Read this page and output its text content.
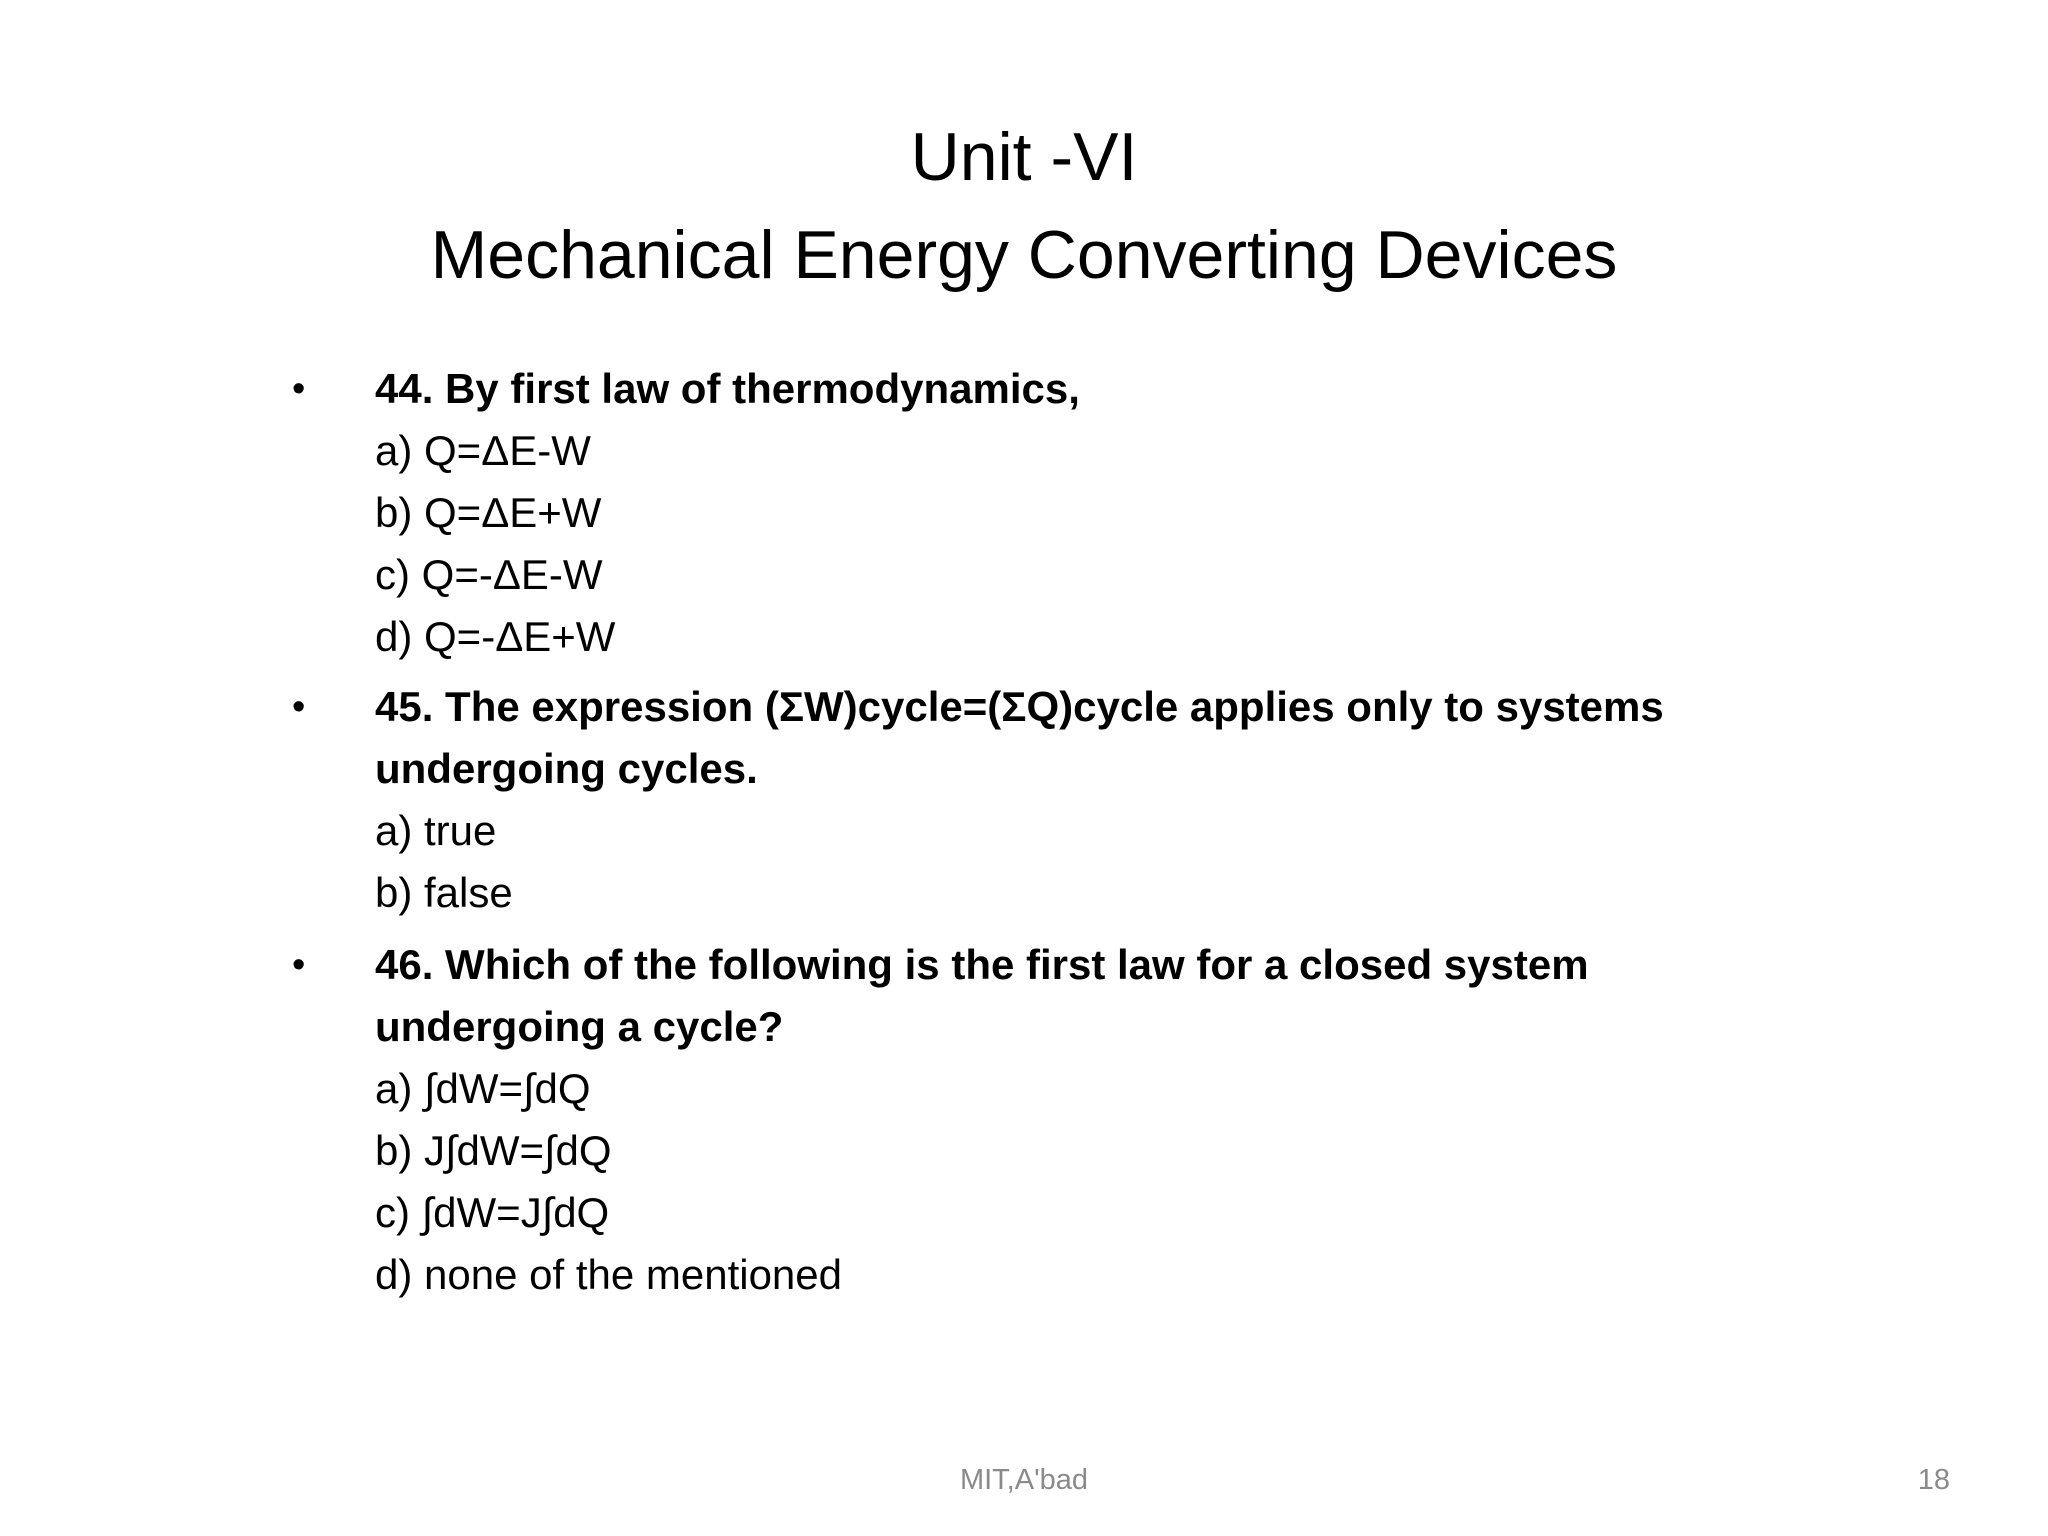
Unit -VI
Mechanical Energy Converting Devices
• 44. By first law of thermodynamics,
a) Q=ΔE-W
b) Q=ΔE+W
c) Q=-ΔE-W
d) Q=-ΔE+W
• 45. The expression (ΣW)cycle=(ΣQ)cycle applies only to systems undergoing cycles.
a) true
b) false
• 46. Which of the following is the first law for a closed system undergoing a cycle?
a) ∫dW=∫dQ
b) J∫dW=∫dQ
c) ∫dW=J∫dQ
d) none of the mentioned
MIT,A'bad	18
